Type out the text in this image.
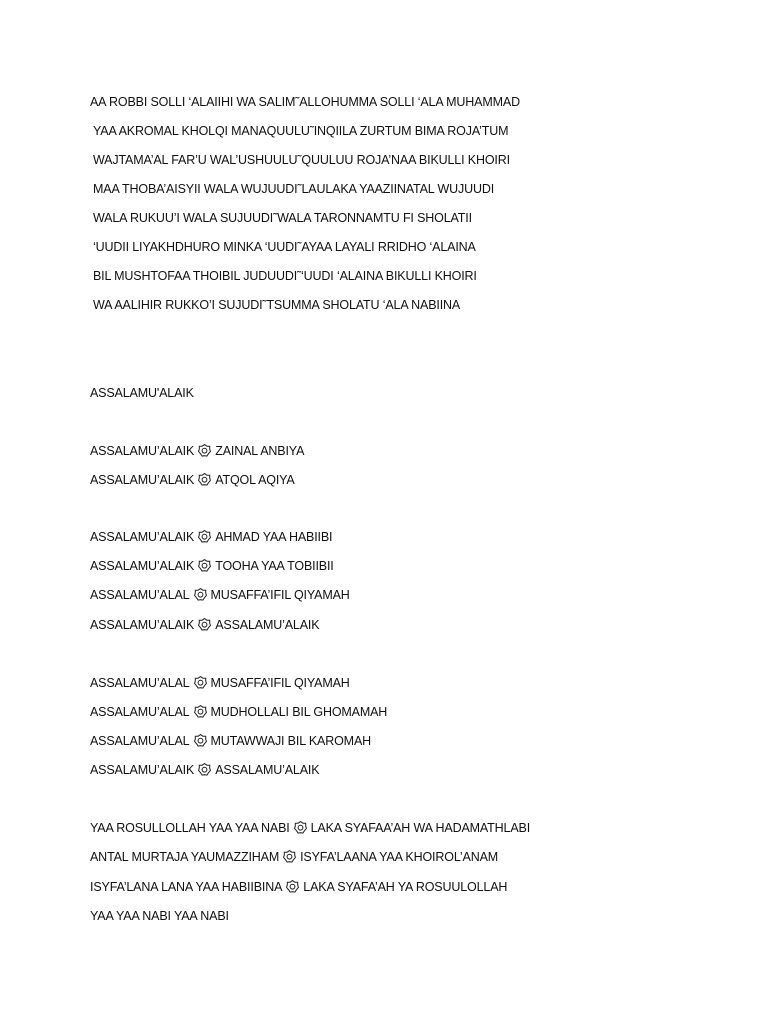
AA ROBBI SOLLI ‘ALAIIHI WA SALIM˜ALLOHUMMA SOLLI ‘ALA MUHAMMAD
YAA AKROMAL KHOLQI MANAQUULU˜INQIILA ZURTUM BIMA ROJA’TUM
WAJTAMA’AL FAR’U WAL’USHUULU˜QUULUU ROJA’NAA BIKULLI KHOIRI
MAA THOBA’AISYII WALA WUJUUDI˜LAULAKA YAAZIINATAL WUJUUDI
WALA RUKUU’I WALA SUJUUDI˜WALA TARONNAMTU FI SHOLATII
‘UUDII LIYAKHDHURO MINKA ‘UUDI˜AYAA LAYALI RRIDHO ‘ALAINA
BIL MUSHTOFAA THOIBIL JUDUUDI˜‘UUDI ‘ALAINA BIKULLI KHOIRI
WA AALIHIR RUKKO’I SUJUDI˜TSUMMA SHOLATU ‘ALA NABIINA
ASSALAMU'ALAIK
ASSALAMU’ALAIK ZAINAL ANBIYA
ASSALAMU’ALAIK ATQOL AQIYA
ASSALAMU’ALAIK AHMAD YAA HABIIBI
ASSALAMU’ALAIK TOOHA YAA TOBIIBII
ASSALAMU’ALAL MUSAFFA’IFIL QIYAMAH
ASSALAMU’ALAIK ASSALAMU’ALAIK
ASSALAMU’ALAL MUSAFFA’IFIL QIYAMAH
ASSALAMU’ALAL MUDHOLLALI BIL GHOMAMAH
ASSALAMU’ALAL MUTAWWAJI BIL KAROMAH
ASSALAMU’ALAIK ASSALAMU’ALAIK
YAA ROSULLOLLAH YAA YAA NABI LAKA SYAFAA’AH WA HADAMATHLABI
ANTAL MURTAJA YAUMAZZIHAM ISYFA’LAANA YAA KHOIROL’ANAM
ISYFA’LANA LANA YAA HABIIBINA LAKA SYAFA’AH YA ROSUULOLLAH
YAA YAA NABI YAA NABI
